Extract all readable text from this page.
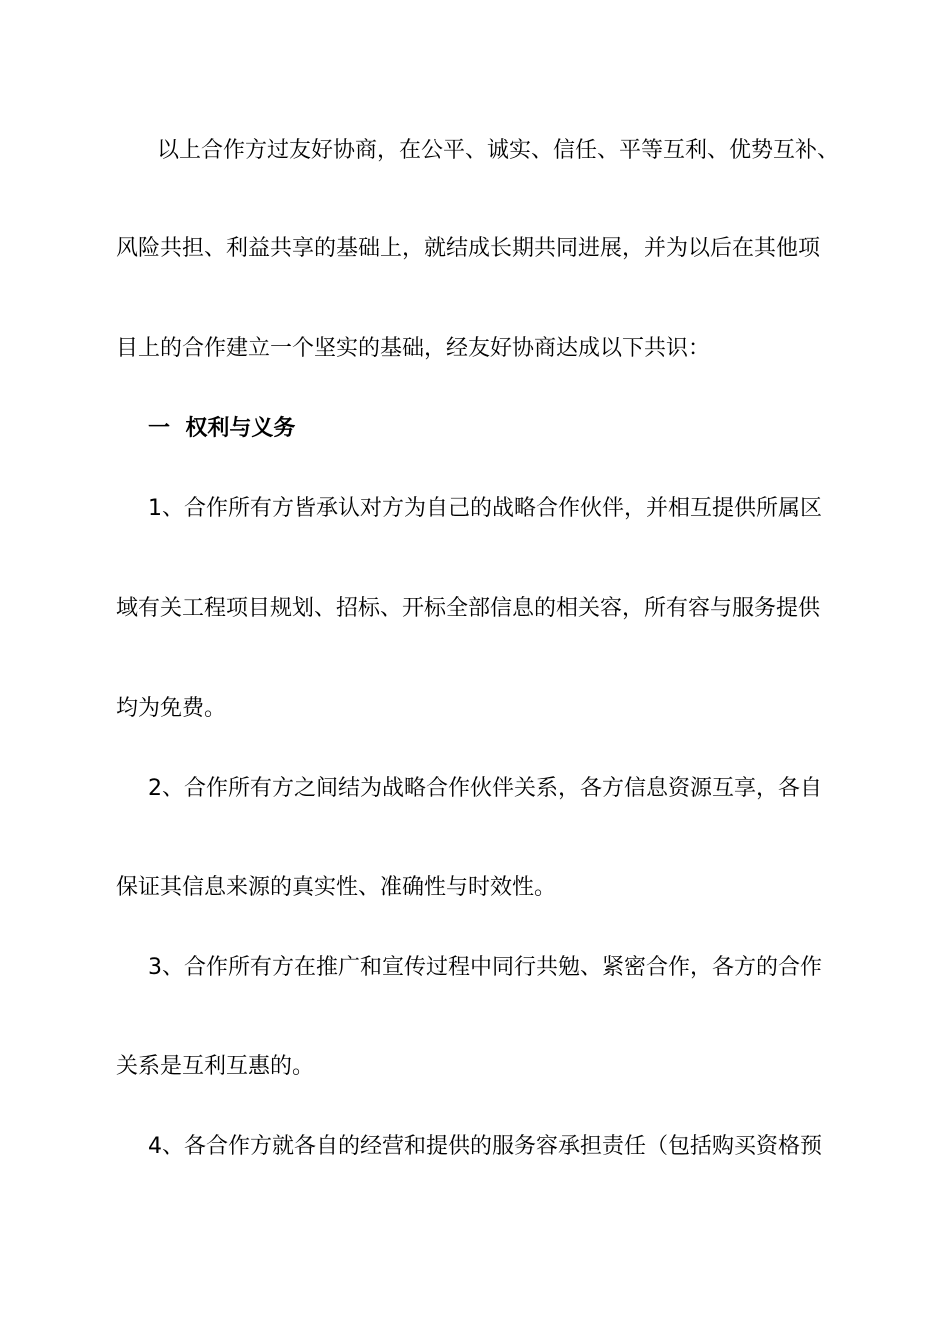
以上合作方过友好协商，在公平、诚实、信任、平等互利、优势互补、
风险共担、利益共享的基础上，就结成长期共同进展，并为以后在其他项
目上的合作建立一个坚实的基础，经友好协商达成以下共识：
一  权利与义务
1、合作所有方皆承认对方为自己的战略合作伙伴，并相互提供所属区
域有关工程项目规划、招标、开标全部信息的相关容，所有容与服务提供
均为免费。
2、合作所有方之间结为战略合作伙伴关系，各方信息资源互享，各自
保证其信息来源的真实性、准确性与时效性。
3、合作所有方在推广和宣传过程中同行共勉、紧密合作，各方的合作
关系是互利互惠的。
4、各合作方就各自的经营和提供的服务容承担责任（包括购买资格预
